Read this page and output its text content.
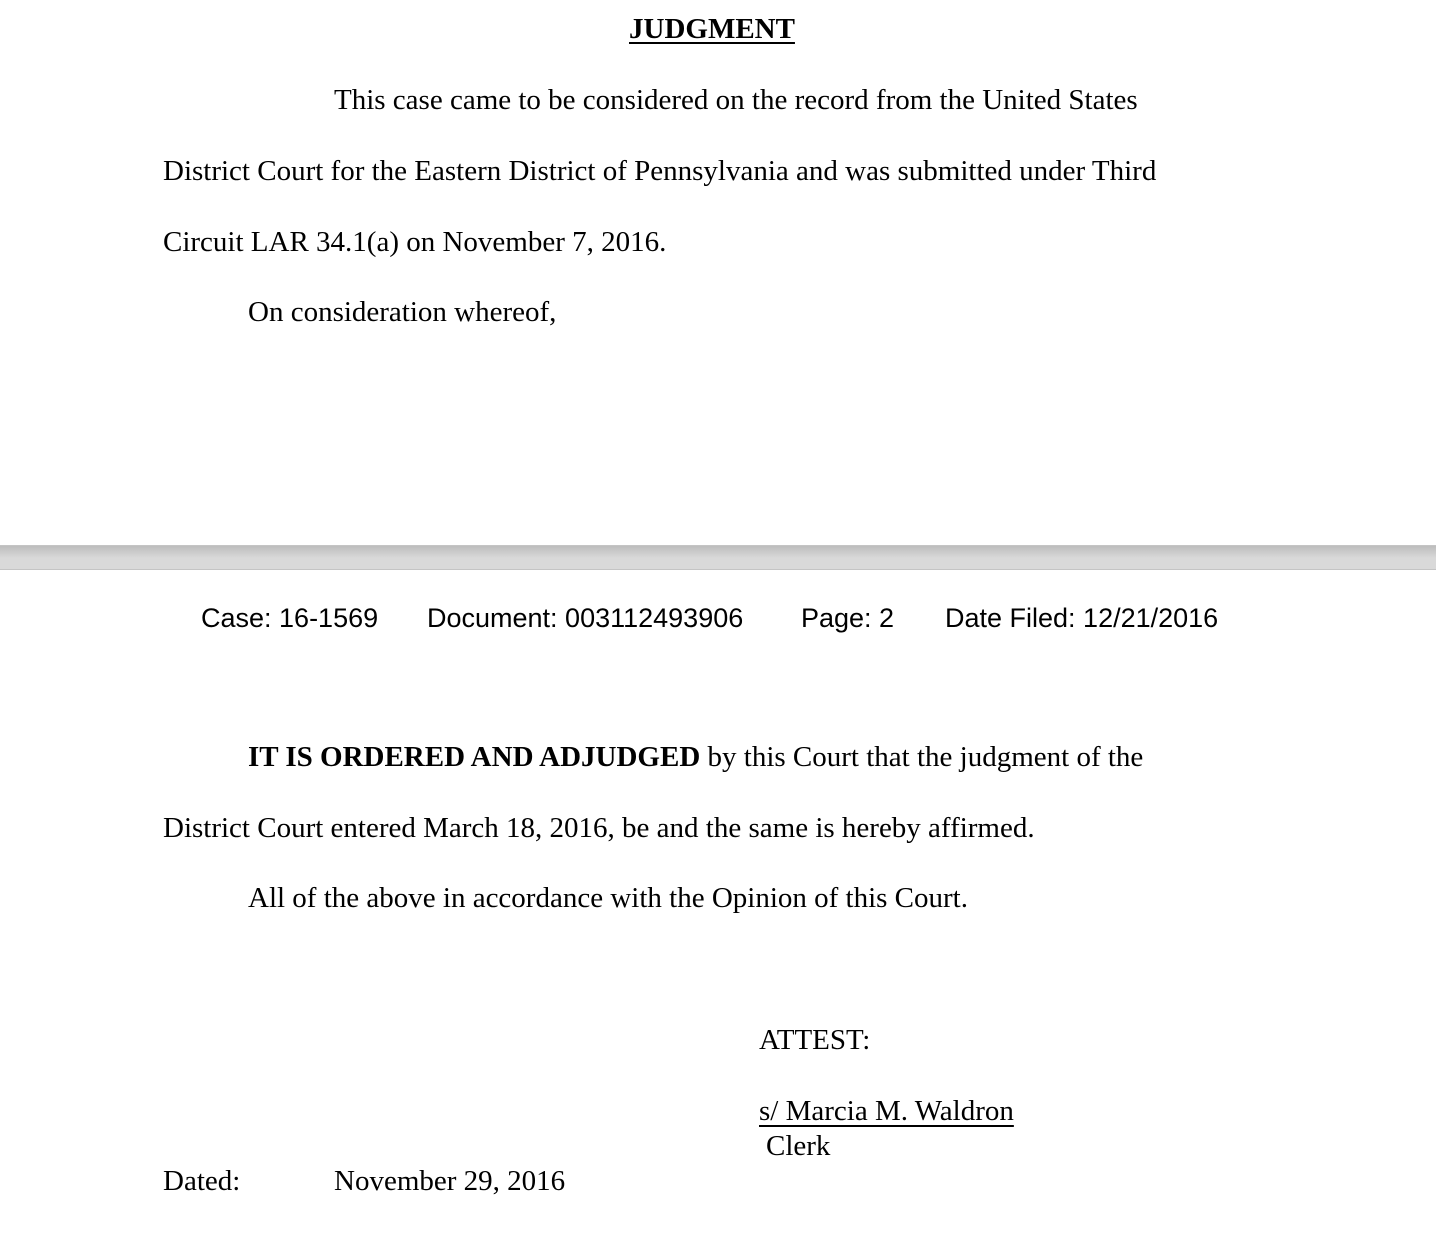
JUDGMENT
This case came to be considered on the record from the United States
District Court for the Eastern District of Pennsylvania and was submitted under Third
Circuit LAR 34.1(a) on November 7, 2016.
On consideration whereof,
Case: 16-1569 Document: 003112493906 Page: 2 Date Filed: 12/21/2016
IT IS ORDERED AND ADJUDGED by this Court that the judgment of the
District Court entered March 18, 2016, be and the same is hereby affirmed.
All of the above in accordance with the Opinion of this Court.
ATTEST:
s/ Marcia M. Waldron
Clerk
Dated:	November 29, 2016
